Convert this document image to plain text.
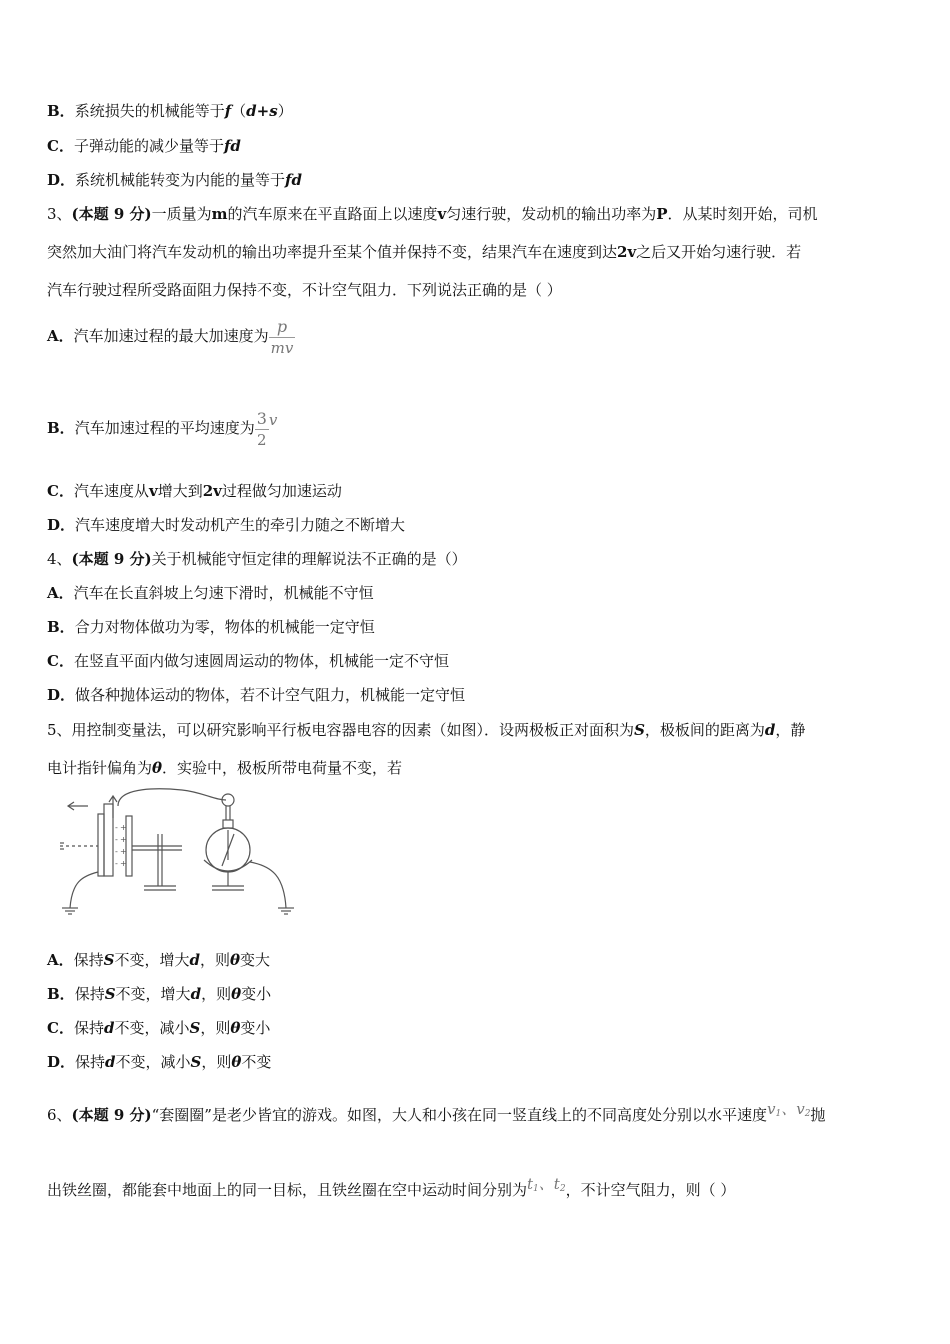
B．系统损失的机械能等于f（d+s）
C．子弹动能的减少量等于fd
D．系统机械能转变为内能的量等于fd
3、(本题 9 分)一质量为m的汽车原来在平直路面上以速度v匀速行驶，发动机的输出功率为P．从某时刻开始，司机
突然加大油门将汽车发动机的输出功率提升至某个值并保持不变，结果汽车在速度到达2v之后又开始匀速行驶．若
汽车行驶过程所受路面阻力保持不变，不计空气阻力．下列说法正确的是（ ）
A．汽车加速过程的最大加速度为 $\frac{p}{mv}$
B．汽车加速过程的平均速度为 $\frac{3}{2}$ v
C．汽车速度从v增大到2v过程做匀加速运动
D．汽车速度增大时发动机产生的牵引力随之不断增大
4、(本题 9 分)关于机械能守恒定律的理解说法不正确的是（）
A．汽车在长直斜坡上匀速下滑时，机械能不守恒
B．合力对物体做功为零，物体的机械能一定守恒
C．在竖直平面内做匀速圆周运动的物体，机械能一定不守恒
D．做各种抛体运动的物体，若不计空气阻力，机械能一定守恒
5、用控制变量法，可以研究影响平行板电容器电容的因素（如图）．设两极板正对面积为S，极板间的距离为d，静
电计指针偏角为θ．实验中，极板所带电荷量不变，若
-
-
-
-
+
+
+
+
A．保持S不变，增大d，则θ变大
B．保持S不变，增大d，则θ变小
C．保持d不变，减小S，则θ变小
D．保持d不变，减小S，则θ不变
6、(本题 9 分)“套圈圈”是老少皆宜的游戏。如图，大人和小孩在同一竖直线上的不同高度处分别以水平速度$v_1$、$v_2$抛
出铁丝圈，都能套中地面上的同一目标，且铁丝圈在空中运动时间分别为$t_1$、$t_2$，不计空气阻力，则（ ）
